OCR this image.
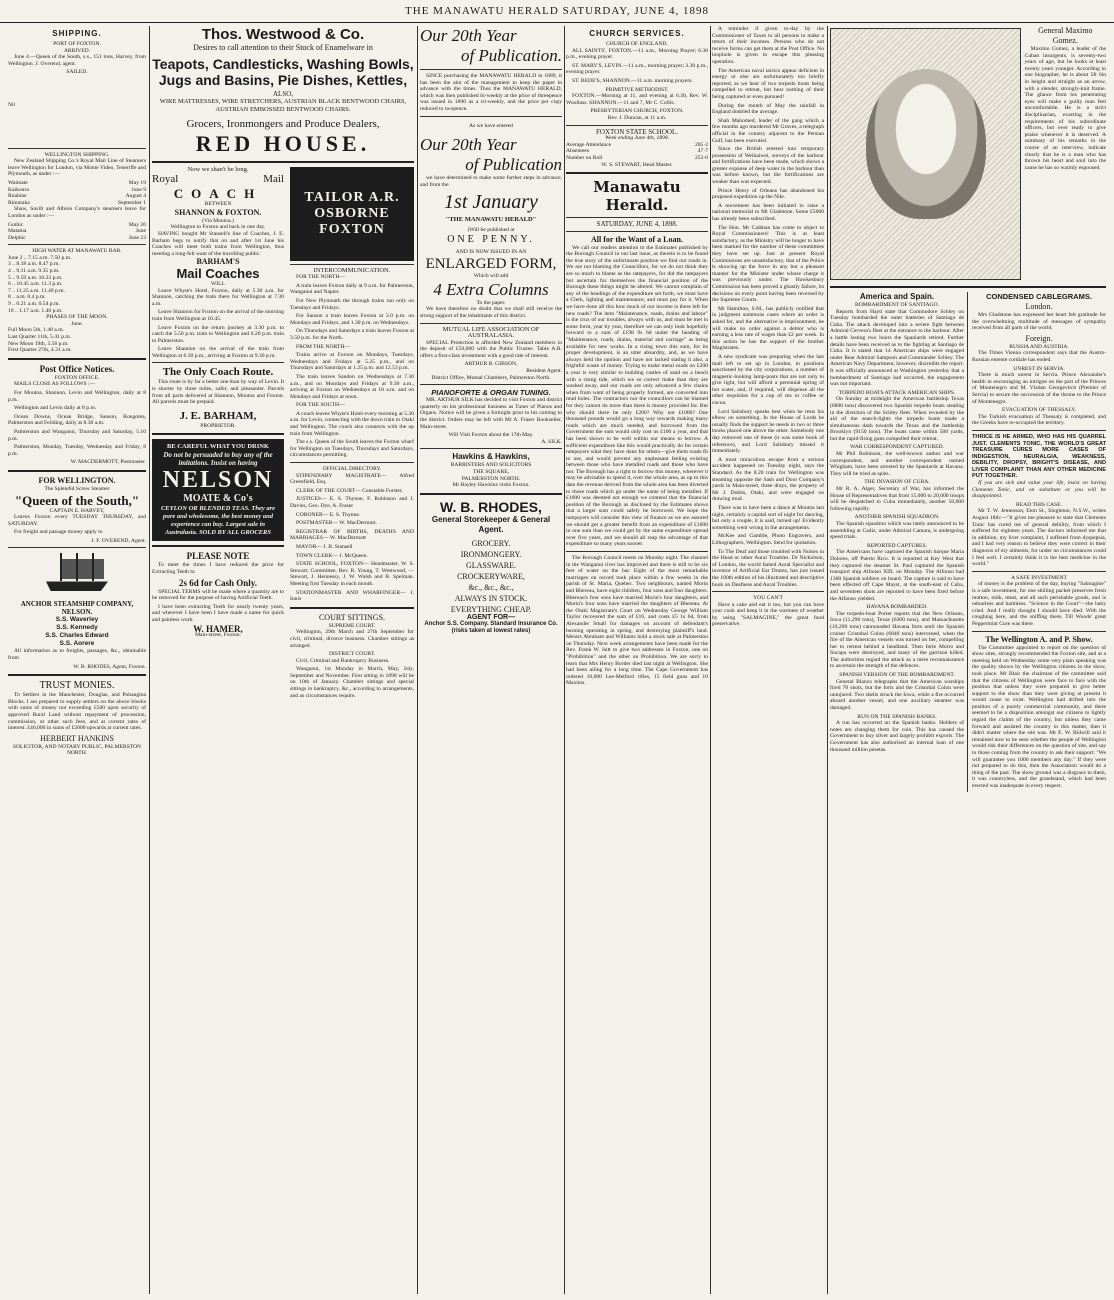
THE MANAWATU HERALD SATURDAY, JUNE 4, 1898
SHIPPING.
PORT OF FOXTON.
ARRIVED.

June 4.—Queen of the South, s.s., 151 tons, Harvey, from Wellington. J. Overend, agent.

SAILED.
Nil
WELLINGTON SHIPPING.

New Zealand Shipping Co.'s Royal Mail Line of Steamers leave Wellington for London, via Monte Video, Teneriffe and Plymouth, as under :—

Waimate	May 19
Kaikoura	June 9
Ruahine	August 4
Rimutaka	September 1

Shaw, Savill and Albion Company's steamers leave for London as under :—

Gothic	May 26
Matatua	June
Delphic	June 23
HIGH WATER AT MANAWATU BAR.
June 2 .. 7.15 a.m. 7.50 p.m.
3 .. 8.18 a.m. 8.47 p.m.
4 .. 9.11 a.m. 9.35 p.m.
5 .. 9.59 a.m. 10.23 p.m.
6 .. 10.45 a.m. 11.3 p.m.
7 .. 11.25 a.m. 11.40 p.m.
8 .. a.m. 0.4 p.m.
9 .. 0.21 a.m. 0.54 p.m.
10 .. 1.17 a.m. 1.40 p.m.
PHASES OF THE MOON.
June.
Full Moon 5th, 1.48 a.m.
Last Quarter 11th, 5.41 p.m.
New Moon 19th, 3.56 p.m.
First Quarter 27th, 4.31 a.m.
Post Office Notices.
FOXTON OFFICE.

MAILS CLOSE AS FOLLOWS :—

For Moutoa, Shannon, Levin and Wellington, daily at 8 p.m.

Wellington and Levin daily at 8 p.m.

Ocean Downs, Ocean Bridge, Sanson, Rongotea, Palmerston and Feilding, daily at 8.30 a.m.

Palmerston and Wanganui, Thursday and Saturday, 5.10 p.m.

Palmerston, Monday, Tuesday, Wednesday and Friday, 8 p.m.

W. MACDERMOTT, Postmaster.
FOR WELLINGTON.
The Splendid Screw Steamer
"Queen of the South,"
CAPTAIN E. HARVEY,

Leaves Foxton every TUESDAY THURSDAY, and SATURDAY.

For freight and passage money apply to

J. F. OVEREND, Agent.
ANCHOR STEAMSHIP COMPANY, NELSON.
S.S. Waverley
S.S. Kennedy
S.S. Charles Edward
S.S. Aorere

All information as to freights, passages, &c., obtainable from

W. B. RHODES, Agent, Foxton.
TRUST MONIES.

To Settlers in the Manchester, Douglas, and Pohangina Blocks. I am prepared to supply settlers on the above blocks with sums of money not exceeding £500 upon security of approved Rural Land without repayment of procession, commission, or other such fees, and at current rates of interest. £40,000 in sums of £2000 upwards at current rates.

HERBERT HANKINS
SOLICITOR, AND NOTARY PUBLIC, PALMERSTON NORTH.
Thos. Westwood & Co.
Desires to call attention to their Stock of Enamelware in
Teapots, Candlesticks, Washing Bowls, Jugs and Basins, Pie Dishes, Kettles,
ALSO,
WIRE MATTRESSES, WIRE STRETCHERS, AUSTRIAN BLACK BENTWOOD CHAIRS, AUSTRIAN EMBOSSED BENTWOOD CHAIRS.
Grocers, Ironmongers and Produce Dealers,
RED HOUSE.
Now we shan't be long.
Royal	Mail
COACH
BETWEEN
SHANNON & FOXTON.
(Via Moutoa.)
Wellington to Foxton and back in one day.

HAVING bought Mr Stansell's line of Coaches, J. E. Barham begs to notify that on and after 1st June his Coaches will meet both trains from Wellington, thus meeting a long-felt want of the travelling public.

BARHAM'S
Mail Coaches
WILL

Leave Whyte's Hotel, Foxton, daily at 5.30 a.m. for Shannon, catching the train there for Wellington at 7.30 a.m.

Leave Shannon for Foxton on the arrival of the morning train from Wellington at 10.45.

Leave Foxton on the return journey at 3.30 p.m. to catch the 5.50 p.m. train to Wellington and 6.20 p.m. train to Palmerston.

Leave Shannon on the arrival of the train from Wellington at 6.30 p.m., arriving at Foxton at 9.30 p.m.

The Only Coach Route.

This route is by far a better one than by way of Levin. It is shorter by three miles, safer, and pleasanter. Parcels from all parts delivered at Shannon, Moutoa and Foxton. All parcels must be prepaid.

J. E. BARHAM,
PROPRIETOR.
BE CAREFUL WHAT YOU DRINK
Do not be persuaded to buy any of the imitations. Insist on having
NELSON
MOATE & Co's
CEYLON OR BLENDED TEAS. They are pure and wholesome, the best money and experience can buy. Largest sale in Australasia. SOLD BY ALL GROCERS
PLEASE NOTE

To meet the times I have reduced the price for Extracting Teeth to

2s 6d for Cash Only.

SPECIAL TERMS will be made where a quantity are to be removed for the purpose of having Artificial Teeth.

I have been extracting Teeth for nearly twenty years, and wherever I have been I have made a name for quick and painless work.

W. HAMER,
Main-street, Foxton.
TAILOR A.R. OSBORNE FOXTON
INTERCOMMUNICATION.

FOR THE NORTH—

A train leaves Foxton daily at 9 a.m. for Palmerston, Wanganui and Napier.

For New Plymouth the through trains run only on Tuesdays and Fridays.

For Sanson a train leaves Foxton at 3.0 p.m. on Mondays and Fridays, and 1.30 p.m. on Wednesdays.

On Thursdays and Saturdays a train leaves Foxton at 3.50 p.m. for the North.

FROM THE NORTH—

Trains arrive at Foxton on Mondays, Tuesdays, Wednesdays and Fridays at 5.25 p.m., and on Thursdays and Saturdays at 1.25 p.m. and 12.53 p.m.

The train leaves Sandon on Wednesdays at 7.30 a.m., and on Mondays and Fridays at 9.30 a.m., arriving at Foxton on Wednesdays at 10 a.m. and on Mondays and Fridays at noon.

FOR THE SOUTH—

A coach leaves Whyte's Hotel every morning at 5.30 a.m. for Levin, connecting with the down train to Otaki and Wellington. The coach also connects with the up train from Wellington.

The s.s. Queen of the South leaves the Foxton wharf for Wellington on Tuesdays, Thursdays and Saturdays, circumstances permitting.

OFFICIAL DIRECTORY.

STIPENDIARY MAGISTRATE— Alfred Greenfield, Esq.

CLERK OF THE COURT— Constable Forster.

JUSTICES— E. S. Thynne, F. Robinson and J. Davies, Geo. Dye, A. Fraser

CORONER— E. S. Thynne.

POSTMASTER— W. MacDermott.

REGISTRAR OF BIRTHS, DEATHS AND MARRIAGES— W. MacDermott

MAYOR— J. B. Stansell

TOWN CLERK— J. McQueen.

STATE SCHOOL, FOXTON— Headmaster, W. S. Stewart; Committee, Rev. R. Young, T. Westwood, — Stewart, J. Hennessy, J. W. Walsh and B. Spelman. Meeting first Tuesday in each month.

STATIONMASTER AND WHARFINGER— J. Innis

COURT SITTINGS.
SUPREME COURT.

Wellington, 29th March and 27th September for civil, criminal, divorce business. Chamber sittings as arranged.

DISTRICT COURT.

Civil, Criminal and Bankruptcy Business.

Wanganui, 1st Monday in March, May, July, September and November. First sitting in 1898 will be on 10th of January. Chamber sittings and special sittings in bankruptcy, &c., according to arrangements, and as circumstances require.

Our 20th Year
of Publication.

SINCE purchasing the MANAWATU HERALD in 1889, it has been the aim of the management to keep the paper in advance with the times. Thus the MANAWATU HERALD, which was then published bi-weekly at the price of threepence was issued in 1890 as a tri-weekly, and the price per copy reduced to twopence.

As we have entered
Our 20th Year
of Publication

we have determined to make some further steps in advance, and from the

1st January
"THE MANAWATU HERALD"
(Will be published at
ONE PENNY.
AND IS NOW ISSUED IN AN
ENLARGED FORM,
Which will add
4 Extra Columns
To the paper.

We have therefore no doubt that we shall still receive the strong support of the inhabitants of this district.

MUTUAL LIFE ASSOCIATION OF AUSTRALASIA.

SPECIAL Protection is afforded New Zealand members in the deposit of £50,000 with the Public Trustee. Table A.R. offers a first-class investment with a good rate of interest.

ARTHUR B. GIBSON,
Resident Agent.
District Office, Mutual Chambers, Palmerston North.
PIANOFORTE & ORGAN TUNING.

MR. ARTHUR SILK has decided to visit Foxton and district quarterly on his professional business as Tuner of Pianos and Organs. Notice will be given a fortnight prior to his coming to the district. Orders may be left with Mr A. Fraser Bookseller, Main-street.

Will Visit Foxton about the 17th May.
A. SILK.
Hawkins & Hawkins,
BARRISTERS AND SOLICITORS
THE SQUARE,
PALMERSTON NORTH.
Mr Bayley Hawkins visits Foxton.
W. B. RHODES,
General Storekeeper & General Agent.
GROCERY.
IRONMONGERY.
GLASSWARE.
CROCKERYWARE,
&c., &c., &c.,
ALWAYS IN STOCK.
EVERYTHING CHEAP.
AGENT FOR—
Anchor S.S. Company. Standard Insurance Co. (risks taken at lowest rates)
CHURCH SERVICES.
CHURCH OF ENGLAND.

ALL SAINTS', FOXTON.—11 a.m., Morning Prayer; 6.30 p.m., evening prayer.

ST. MARY'S, LEVIN.—11 a.m., morning prayer; 3.30 p.m., evening prayer.

ST. BEDE'S, SHANNON.—11 a.m. morning prayers.

PRIMITIVE METHODIST.

FOXTON.—Morning at 11, and evening at 6.30, Rev. W. Woollass. SHANNON.—11 and 7, Mr C. Collis.

PRESBYTERIAN CHURCH, FOXTON.
Rev. J. Duncan, at 11 a.m.
FOXTON STATE SCHOOL.
Week ending June 4th, 1898.
Average Attendance	205·2
Absentees	47·7
Number on Roll	253·0
W. S. STEWART, Head Master.
Manawatu Herald.
SATURDAY, JUNE 4, 1898.
All for the Want of a Loan.

We call our readers attention to the Estimates published by the Borough Council in our last issue, as therein is to be found the true story of the unfortunate position we find our roads in. We are not blaming the Councillors, for we do not think they are so much to blame as the ratepayers, for did the ratepayers but ascertain for themselves the financial position of the Borough these things might be altered. We cannot complain of any of the headings of the expenditure set forth, we must have a Clerk, lighting and maintenance, and must pay for it. When we have done all this how much of our income is there left for new roads? The item "Maintenance, roads, drains and labour" is the crux of our troubles, always with us, and must be met in some form, year by year, therefore we can only look hopefully forward to a sum of £198 9s 6d under the heading of "Maintenance, roads, drains, material and carriage" as being available for new works. In a rising town this sum, for its proper development, is an utter absurdity, and, as we have always held the opinion and have not lacked stating it also, a frightful waste of money. Trying to make metal roads on £200 a year is very similar to building castles of sand on a beach with a rising tide, which we so correct make than they are washed away, and our roads are only advanced a few chains when from want of being properly formed, are converted into mud holes. The contractors nor the councillors can be blamed for they cannot do more than there is money provided for. But why should there be only £200? Why not £1000? One thousand pounds would go a long way towards making many roads which are much needed, and borrowed from the Government the sum would only cost us £100 a year, and that has been shown to be well within our means to borrow. A sufficient expenditure like this would practically do for certain ratepayers what they have done for others—give them roads fit to use, and would prevent any unpleasant feeling existing between those who have metalled roads and those who have not. The Borough has a right to borrow this money, wherever it may be advisable to spend it, over the whole area, as up to this date the revenue derived from the whole area has been diverted to those roads which go under the name of being metalled. If £1000 was deemed not enough we contend that the financial position of the Borough as disclosed by the Estimates shows that a larger sum could safely be borrowed. We hope the ratepayers will consider this view of finance as we are assured we should get a greater benefit from an expenditure of £1000 in one sum than we could get by the same expenditure spread over five years, and we should all reap the advantage of that expenditure so many years sooner.

The Borough Council meets on Monday night. The channel in the Wanganui river has improved and there is still to be six feet of water on the bar. Eight of the most remarkable marriages on record took place within a few weeks in the parish of St. Maria, Quebec. Two neighbours, named Morin and Bhereau, have eight children, four sons and four daughters. Bhereau's four sons have married Morin's four daughters, and Morin's four sons have married the daughters of Bhereau. At the Otaki Magistrate's Court on Wednesday George William Taylor recovered the sum of £16, and costs £5 1s 6d, from Alexander Small for damages on account of defendant's burning operating in spring, and destroying plaintiff's land. Messrs Abraham and Williams hold a stock sale at Palmerston on Thursday. Next week arrangements have been made for the Rev. Frank W. Isitt to give two addresses in Foxton, one on "Prohibition" and the other on Prohibition. We are sorry to learn that Mrs Henry Border died last night at Wellington. She had been ailing for a long time. The Cape Government has ordered 10,000 Lee-Metford rifles, 15 field guns and 10 Maxims.

A reminder if given to-day by the Commissioner of Taxes to all persons to make a return of their incomes. Persons who do not receive forms can get them at the Post Office. No loophole is given to escape this pleasing operation.

The American naval tactics appear deficient in energy or else are unfortunately too briefly reported, as we hear of two torpedo boats being compelled to retreat, but hear nothing of their being captured or even pursued!

During the month of May the rainfall in England doubled the average.

Shah Mahomed, leader of the gang which a few months ago murdered Mr Graves, a telegraph official in the country adjacent to the Persian Gulf, has been executed.

Since the British entered into temporary possession of Weihaiwei, surveys of the harbour and fortifications have been made, which shows a greater expanse of deep water in the harbour than was before known, but the fortifications are weaker than was expected.

Prince Henry of Orleans has abandoned his proposed expedition up the Nile.

A movement has been initiated to raise a national memorial to Mr Gladstone. Some £5000 has already been subscribed.

The Hon. Mr Cadman has come to object to Royal Commissioners! This is at least satisfactory, as the Ministry will be longer to have been marked for the number of these committees they have set up. Just at present Royal Commissions are unsatisfactory, that of the Police is showing up the force in any but a pleasant manner for the Minister under whose charge it was previously under. The Hawkesbury Commission has been proved a ghastly failure, its decisions on every point having been reversed by the Supreme Courts.

Mr Hamilton, S.M., has publicly notified that in judgment summons cases where an order is asked for, and the alternative is imprisonment, he will make no order against a debtor who is earning a less rate of wages than £2 per week. In this action he has the support of the brother Magistrates.

A new syndicate was preparing when the last mail left to set up in London, in positions sanctioned by the city corporations, a number of magnetic-looking lamp-posts that are not only to give light, but will afford a perennial spring of hot water, and, if required, will dispense all the other requisites for a cup of tea or coffee or cocoa.

Lord Salisbury speaks best when he rests his elbow on something. In the House of Lords he usually finds the support he needs in two or three books placed one above the other. Somebody one day removed one of these (it was some book of reference), and Lord Salisbury missed it immediately.

A most miraculous escape from a serious accident happened on Tuesday night, says the Standard. As the 8.20 train for Wellington was steaming opposite the Sash and Door Company's yards in Main-street, three drays, the property of Mr J. Dobbs, Otaki, and were engaged on drawing mud.

There was to have been a dance at Moutoa last night, certainly a capital sort of night for dancing, but only a couple, it is said, turned up! Evidently something went wrong in the arrangements.

McKee and Gamble, Photo Engravers, and Lithographers, Wellington. Send for quotation.

To The Deaf and those troubled with Noises in the Head or other Aural Troubles. Dr Nicholson, of London, the world famed Aural Specialist and inventor of Artificial Ear Drums, has just issued the 100th edition of his illustrated and descriptive book on Deafness and Aural Troubles.

YOU CAN'T

Have a cake and eat it too, but you can have your cook and keep it in the warmest of weather by using "SALMAGINE," the great food preservative.

General Maximo Gomez.

Maximo Gomez, a leader of the Cuban insurgents, is seventy-two years of age, but he looks at least twenty years younger. According to one biographer, he is about 5ft 6in in height and straight as an arrow, with a slender, strongly-knit frame. The glance from his penetrating eyes will make a guilty man feel uncomfortable. He is a strict disciplinarian, exacting in the requirements of his subordinate officers, but ever ready to give praise whenever it is deserved. A summary of his remarks in the course of an interview, indicate clearly that he is a man who has thrown his heart and soul into the cause he has so warmly espoused.

America and Spain.
BOMBARDMENT OF SANTIAGO.

Reports from Hayti state that Commodore Schley on Tuesday bombarded the outer batteries of Santiago de Cuba. The attack developed into a severe fight between Admiral Cervera's fleet at the entrance to the harbour. After a battle lasting two hours the Spaniards retired. Further details have been received as to the fighting at Santiago de Cuba. It is stated that 14 American ships were engaged under Rear Admiral Sampson and Commander Schley. The American Navy Department, however, discredits the report. It was officially announced at Washington yesterday that a bombardment of Santiago had occurred, the engagement was not important.

TORPEDO BOATS ATTACK AMERICAN SHIPS.

On Sunday at midnight the American battleship Texas (6800 tons) discovered two Spanish torpedo boats stealing in the direction of the Schley fleet. When revealed by the aid of the search-lights the torpedo boats made a simultaneous dash towards the Texas and the battleship Brooklyn (9150 tons). The boats came within 500 yards, but the rapid-firing guns compelled their retreat.

WAR CORRESPONDENT CAPTURED.

Mr Phil Robinson, the well-known author and war correspondent, and another correspondent named Whigham, have been arrested by the Spaniards at Havana. They will be tried as spies.

THE INVASION OF CUBA.

Mr R. A. Alger, Secretary of War, has informed the House of Representatives that from 15,000 to 20,000 troops will be despatched to Cuba immediately, another 50,000 following rapidly.

ANOTHER SPANISH SQUADRON.

The Spanish squadron which was lately announced to be assembling at Cadiz, under Admiral Camara, is undergoing speed trials.

REPORTED CAPTURES.

The Americans have captured the Spanish barque Maria Dolores, off Puerto Rico. It is reported at Key West that they captured the steamer St. Paul captured the Spanish transport ship Alfonso XIII. on Monday. The Alfonso had 1300 Spanish soldiers on board. The capture is said to have been effected off Cape Mayst, at the south-east of Cuba, and seventeen shots are reported to have been fired before the Alfonso yielded.

HAVANA BOMBARDED.

The torpedo-boat Porter reports that the New Orleans, Iowa (11,296 tons), Texas (6300 tons), and Massachusetts (10,200 tons) cannonaded Havana forts until the Spanish cruiser Cristobal Colon (6840 tons) intervened, when the fire of the American vessels was turned on her, compelling her to retreat behind a headland. Then forte Morro and Socapa were destroyed, and many of the garrison killed. The authorities regard the attack as a mere reconnaissance to ascertain the strength of the defences.

SPANISH VERSION OF THE BOMBARDMENT.

General Blanco telegraphs that the American warships fired 70 shots, but the forts and the Cristobal Colon were uninjured. Two shells struck the Iowa, while a fire occurred aboard another vessel, and one auxiliary steamer was damaged.

RUN ON THE SPANISH BANKS.

A run has occurred on the Spanish banks. Holders of notes are changing them for coin. This has caused the Government to buy silver and largely prohibit exports. The Government has also authorised an internal loan of one thousand million pesetas.

CONDENSED CABLEGRAMS.
London.

Mrs Gladstone has expressed her heart felt gratitude for the overwhelming multitude of messages of sympathy received from all parts of the world.

Foreign.
RUSSIA AND AUSTRIA.

The Times Vienna correspondent says that the Austro-Russian entente cordiale has ended.

UNREST IN SERVIA.

There is much unrest in Servia. Prince Alexander's health in encouraging an intrigue on the part of the Princes of Montenegro and M. Vladan Georgevitch (Premier of Servia) to secure the succession of the throne to the Prince of Montenegro.

EVACUATION OF THESSALY.

The Turkish evacuation of Thessaly is completed, and the Greeks have re-occupied the territory.

THRICE IS HE ARMED, WHO HAS HIS QUARREL JUST. CLEMENTS TONIC, THE WORLD'S GREAT TREASURE CURES MORE CASES OF INDIGESTION, NEURALGIA, WEAKNESS, DEBILITY, DROPSY, BRIGHT'S DISEASE, AND LIVER COMPLAINT THAN ANY OTHER MEDICINE PUT TOGETHER.

If you are sick and value your life, insist on having Clements Tonic, and on substitute or you will be disappointed.

READ THIS CASE.

Mr T. W. Jemenson, Eton St., Singleton, N.S.W., writes August 18th:—"It gives me pleasure to state that Clements Tonic has cured me of general debility, from which I suffered for eighteen years. The doctors informed me that in addition, my liver complaint, I suffered from dyspepsia, and I had very reason to believe they were correct in their diagnosis of my ailments, for under no circumstances could I feel well. I certainly think it is the best medicine in the world."

A SAFE INVESTMENT

of money is the problem of the day, buying "Salmagine" is a safe investment, for one shilling packet preserves fresh mutton, milk, meat, and all such perishable goods, and is odourless and harmless. "Science in the Court"—the baby cried. And I really thought I should have died. With the coughing here, and the sniffing there, Till Woods' great Peppermint Cure was there.

The Wellington A. and P. Show.

The Committee appointed to report on the question of show sites, strongly recommended the Foxton site, and at a meeting held on Wednesday some very plain speaking was the quality shown by the Wellington citizens in the show, took place. Mr Blair the chairman of the committee said that the citizens of Wellington were face to face with the position that unless they were prepared to give better support to the show than they were giving at present it would cease to exist. Wellington had drifted into the position of a purely commercial community, and there seemed to be a disposition amongst our citizens to lightly regard the claims of the country, but unless they came forward and assisted the country in this matter, then it didn't matter where the site was. Mr E. W. Bidwill said it remained now to be seen whether the people of Wellington would risk their differences on the question of site, and say to those coming from the country to ask their support: "We will guarantee you 1000 members any day." If they were not prepared to do this, then the Association would do a thing of the past. The show ground was a disgrace to them, it was countryless, and the grandstand, which had been erected was inadequate in every respect.
